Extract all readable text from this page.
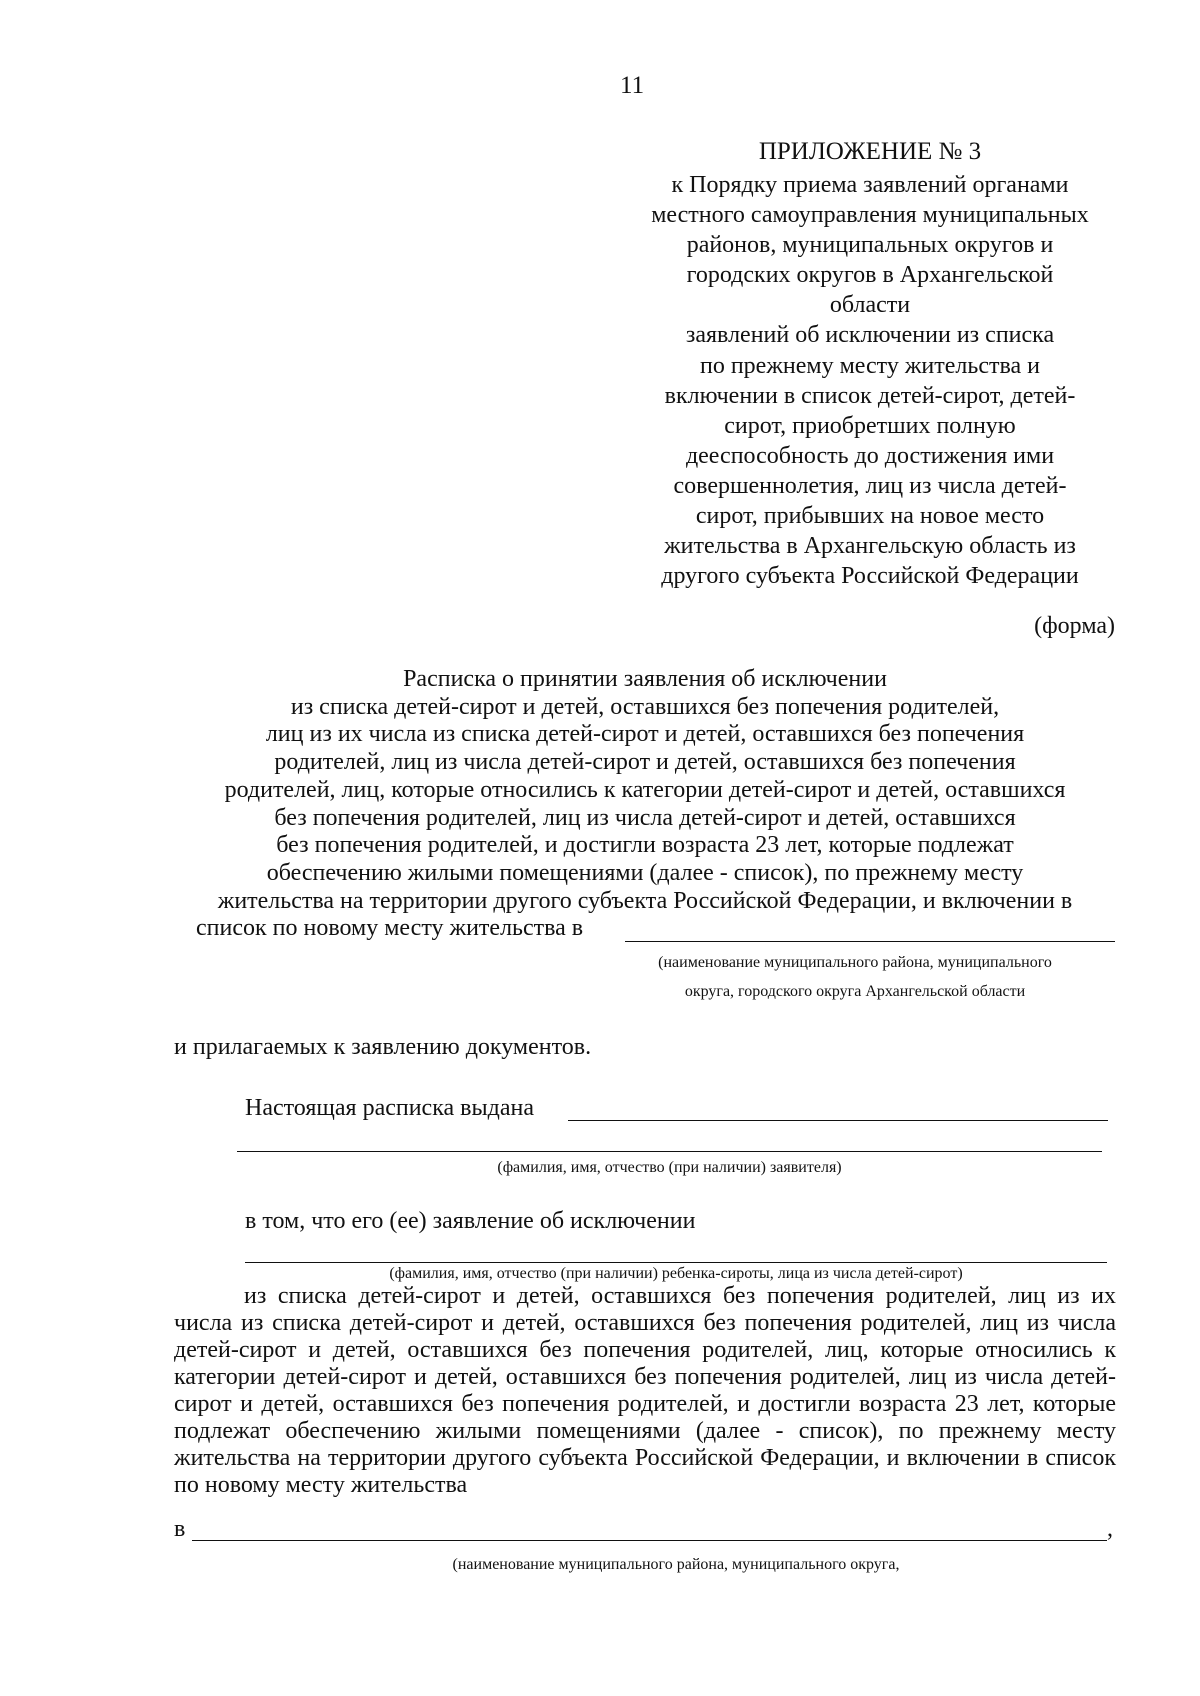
11
ПРИЛОЖЕНИЕ № 3
к Порядку приема заявлений органами
местного самоуправления муниципальных
районов, муниципальных округов и
городских округов в Архангельской
области
заявлений об исключении из списка
по прежнему месту жительства и
включении в список детей-сирот, детей-
сирот, приобретших полную
дееспособность до достижения ими
совершеннолетия, лиц из числа детей-
сирот, прибывших на новое место
жительства в Архангельскую область из
другого субъекта Российской Федерации
(форма)
Расписка о принятии заявления об исключении
из списка детей-сирот и детей, оставшихся без попечения родителей,
лиц из их числа из списка детей-сирот и детей, оставшихся без попечения
родителей, лиц из числа детей-сирот и детей, оставшихся без попечения
родителей, лиц, которые относились к категории детей-сирот и детей, оставшихся
без попечения родителей, лиц из числа детей-сирот и детей, оставшихся
без попечения родителей, и достигли возраста 23 лет, которые подлежат
обеспечению жилыми помещениями (далее - список), по прежнему месту
жительства на территории другого субъекта Российской Федерации, и включении в
список по новому месту жительства в
(наименование муниципального района, муниципального
округа, городского округа Архангельской области
и прилагаемых к заявлению документов.
Настоящая расписка выдана
(фамилия, имя, отчество (при наличии) заявителя)
в том, что его (ее) заявление об исключении
(фамилия, имя, отчество (при наличии) ребенка-сироты, лица из числа детей-сирот)
из списка детей-сирот и детей, оставшихся без попечения родителей, лиц из их числа из списка детей-сирот и детей, оставшихся без попечения родителей, лиц из числа детей-сирот и детей, оставшихся без попечения родителей, лиц, которые относились к категории детей-сирот и детей, оставшихся без попечения родителей, лиц из числа детей-сирот и детей, оставшихся без попечения родителей, и достигли возраста 23 лет, которые подлежат обеспечению жилыми помещениями (далее - список), по прежнему месту жительства на территории другого субъекта Российской Федерации, и включении в список по новому месту жительства
в	,
(наименование муниципального района, муниципального округа,
